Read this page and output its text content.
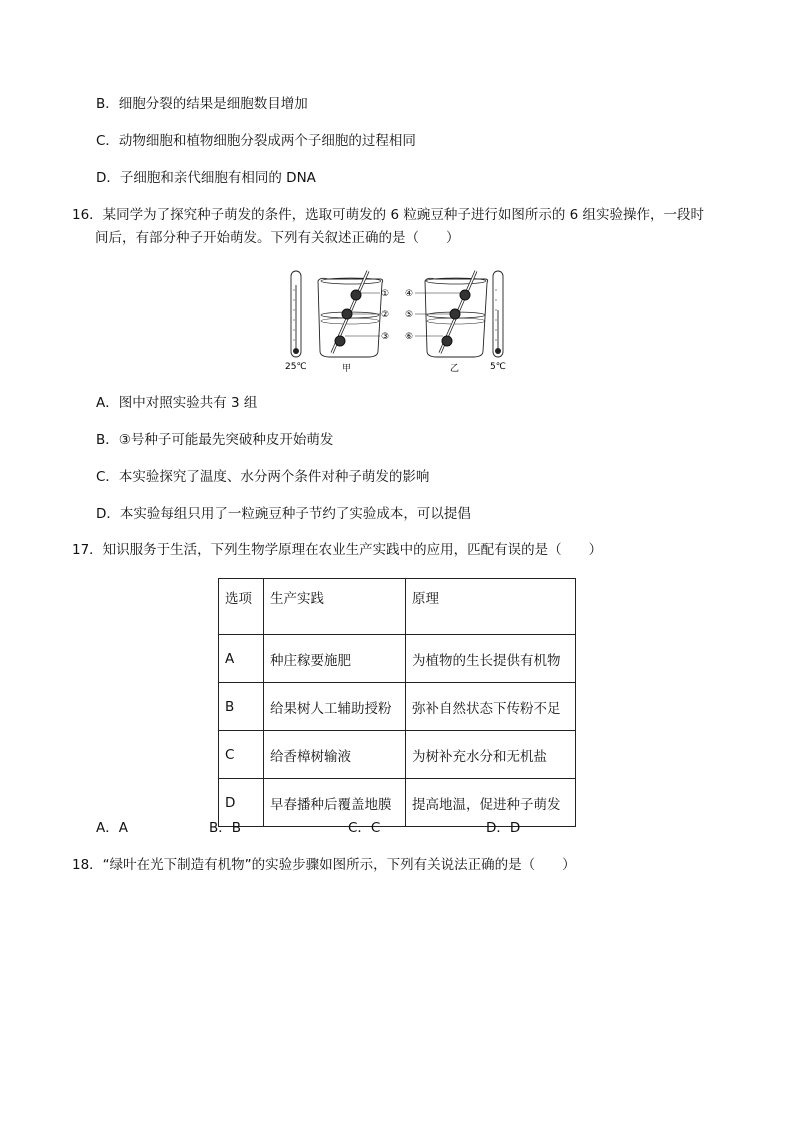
B．细胞分裂的结果是细胞数目增加
C．动物细胞和植物细胞分裂成两个子细胞的过程相同
D．子细胞和亲代细胞有相同的 DNA
16．某同学为了探究种子萌发的条件，选取可萌发的 6 粒豌豆种子进行如图所示的 6 组实验操作，一段时
间后，有部分种子开始萌发。下列有关叙述正确的是（　　）
25℃	甲
①
②
③
④
⑤
⑥
乙	5℃
A．图中对照实验共有 3 组
B．③号种子可能最先突破种皮开始萌发
C．本实验探究了温度、水分两个条件对种子萌发的影响
D．本实验每组只用了一粒豌豆种子节约了实验成本，可以提倡
17．知识服务于生活，下列生物学原理在农业生产实践中的应用，匹配有误的是（　　）
选项	生产实践	原理
A	种庄稼要施肥	为植物的生长提供有机物
B	给果树人工辅助授粉	弥补自然状态下传粉不足
C	给香樟树输液	为树补充水分和无机盐
D	早春播种后覆盖地膜	提高地温，促进种子萌发
A．A	B．B	C．C	D．D
18．“绿叶在光下制造有机物”的实验步骤如图所示，下列有关说法正确的是（　　）
